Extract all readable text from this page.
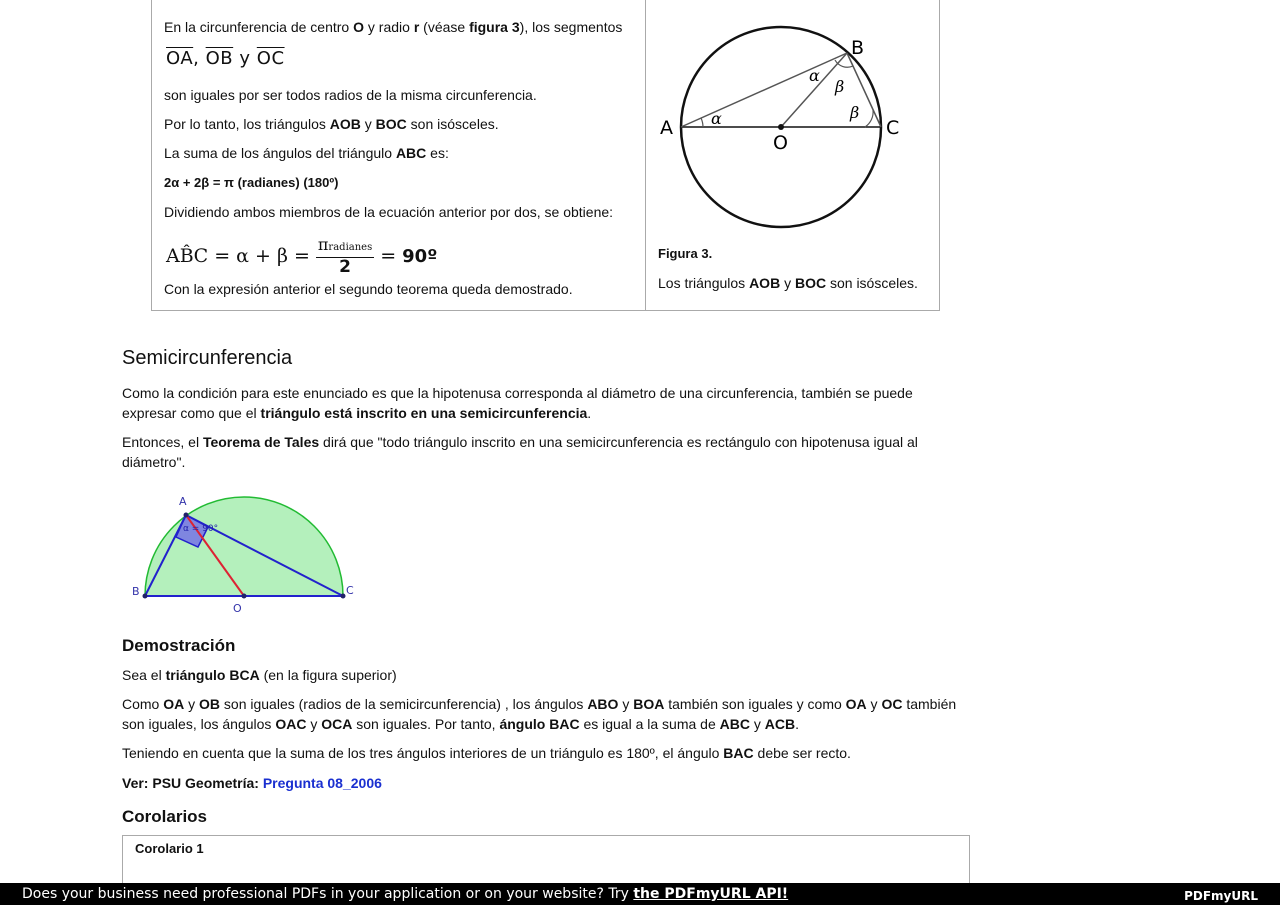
En la circunferencia de centro O y radio r (véase figura 3), los segmentos

$\overline{OA}$, $\overline{OB}$ y $\overline{OC}$

son iguales por ser todos radios de la misma circunferencia.

Por lo tanto, los triángulos AOB y BOC son isósceles.

La suma de los ángulos del triángulo ABC es:

2α + 2β = π (radianes) (180º)

Dividiendo ambos miembros de la ecuación anterior por dos, se obtiene:

AB̂C = $\alpha + \beta = \frac{\text{πradianes}}{2}$ = 90º

Con la expresión anterior el segundo teorema queda demostrado.

A
B
C
O
α
α
β
β

Figura 3.

Los triángulos AOB y BOC son isósceles.

Semicircunferencia

Como la condición para este enunciado es que la hipotenusa corresponda al diámetro de una circunferencia, también se puede expresar como que el triángulo está inscrito en una semicircunferencia.

Entonces, el Teorema de Tales dirá que "todo triángulo inscrito en una semicircunferencia es rectángulo con hipotenusa igual al diámetro".

A
B	C
O
α = 90°
Demostración

Sea el triángulo BCA (en la figura superior)

Como OA y OB son iguales (radios de la semicircunferencia) , los ángulos ABO y BOA también son iguales y como OA y OC también son iguales, los ángulos OAC y OCA son iguales. Por tanto, ángulo BAC es igual a la suma de ABC y ACB.

Teniendo en cuenta que la suma de los tres ángulos interiores de un triángulo es 180º, el ángulo BAC debe ser recto.

Ver: PSU Geometría: Pregunta 08_2006

Corolarios

Corolario 1

Does your business need professional PDFs in your application or on your website? Try the PDFmyURL API!	PDFmyURL
